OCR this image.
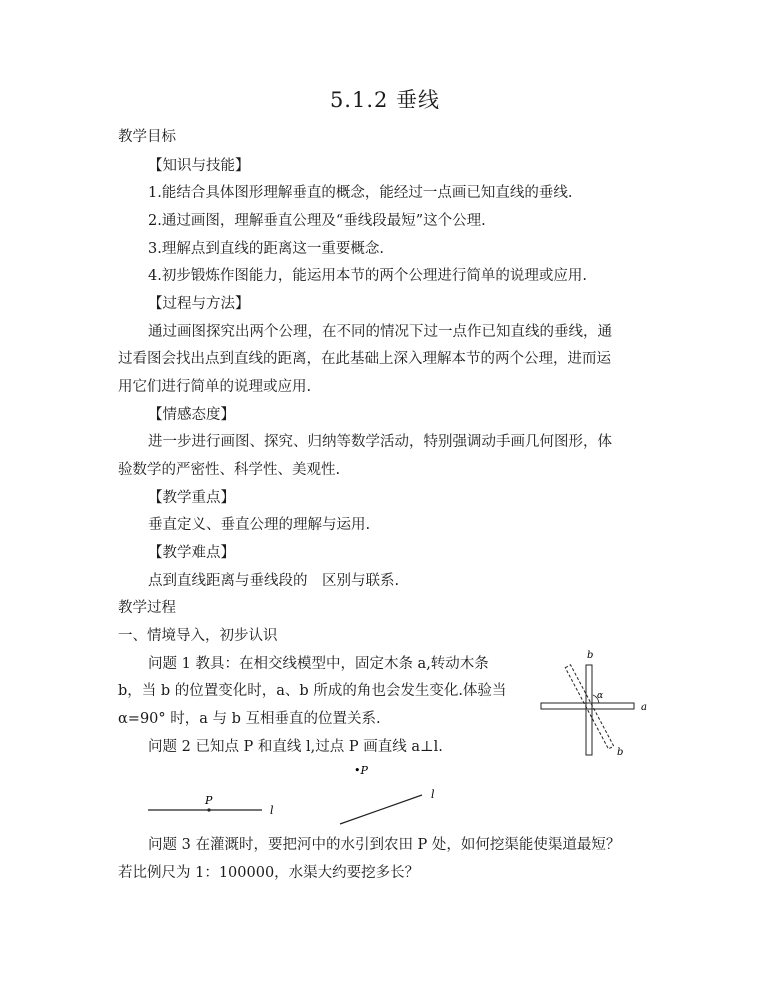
5.1.2 垂线
教学目标
【知识与技能】
1.能结合具体图形理解垂直的概念，能经过一点画已知直线的垂线.
2.通过画图，理解垂直公理及“垂线段最短”这个公理.
3.理解点到直线的距离这一重要概念.
4.初步锻炼作图能力，能运用本节的两个公理进行简单的说理或应用.
【过程与方法】
通过画图探究出两个公理，在不同的情况下过一点作已知直线的垂线，通
过看图会找出点到直线的距离，在此基础上深入理解本节的两个公理，进而运
用它们进行简单的说理或应用.
【情感态度】
进一步进行画图、探究、归纳等数学活动，特别强调动手画几何图形，体
验数学的严密性、科学性、美观性.
【教学重点】
垂直定义、垂直公理的理解与运用.
【教学难点】
点到直线距离与垂线段的　区别与联系.
教学过程
一、情境导入，初步认识
问题 1 教具：在相交线模型中，固定木条 a,转动木条
b，当 b 的位置变化时，a、b 所成的角也会发生变化.体验当
α=90° 时，a 与 b 互相垂直的位置关系.
问题 2 已知点 P 和直线 l,过点 P 画直线 a⊥l.
b
α
a
b
P
l
•P
l
问题 3 在灌溉时，要把河中的水引到农田 P 处，如何挖渠能使渠道最短？
若比例尺为 1：100000，水渠大约要挖多长？
